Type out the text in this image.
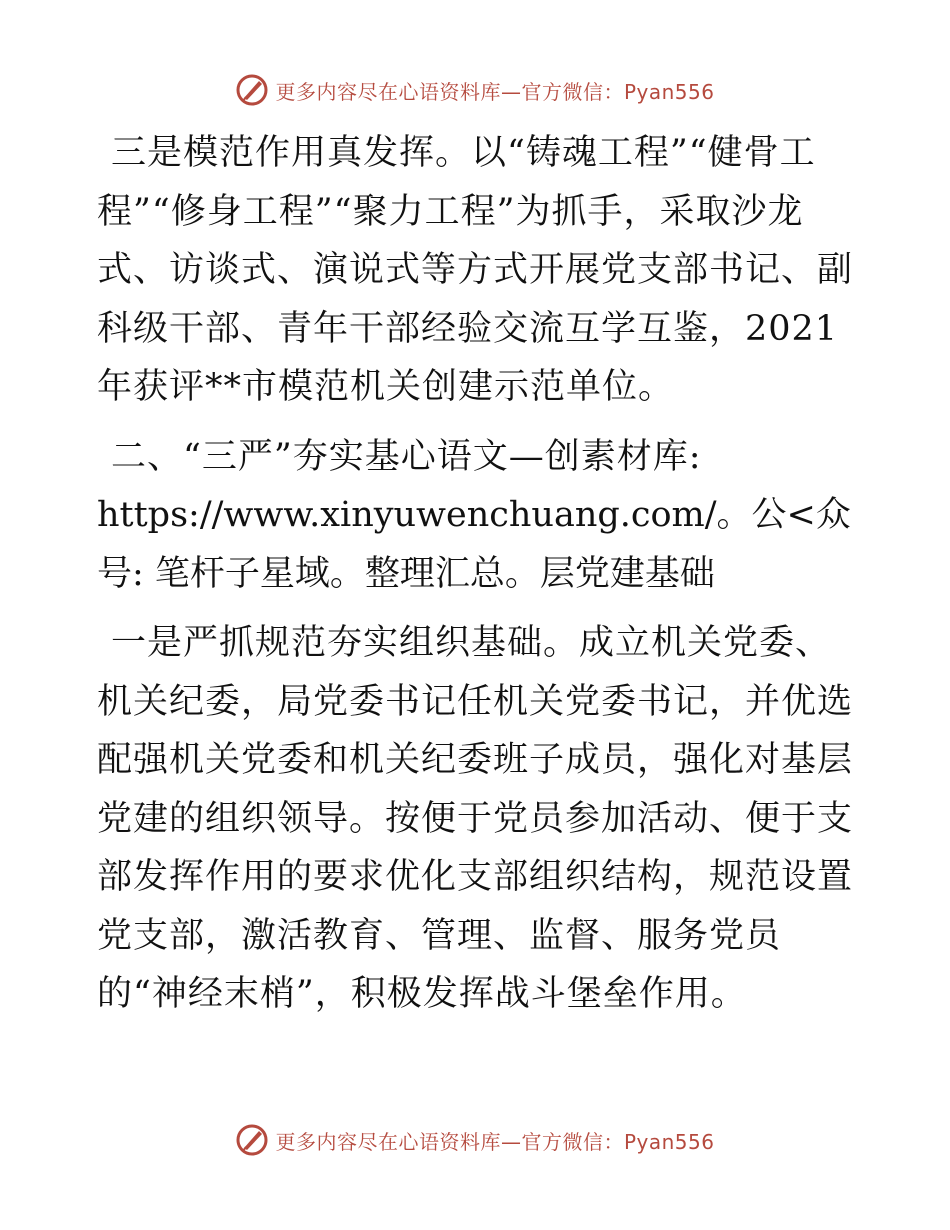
更多内容尽在心语资料库—官方微信：Pyan556

三是模范作用真发挥。以“铸魂工程”“健骨工程”“修身工程”“聚力工程”为抓手，采取沙龙式、访谈式、演说式等方式开展党支部书记、副科级干部、青年干部经验交流互学互鉴，2021年获评**市模范机关创建示范单位。

二、“三严”夯实基心语文—创素材库:

https://www.xinyuwenchuang.com/。公<众号: 笔杆子星域。整理汇总。层党建基础

一是严抓规范夯实组织基础。成立机关党委、机关纪委，局党委书记任机关党委书记，并优选配强机关党委和机关纪委班子成员，强化对基层党建的组织领导。按便于党员参加活动、便于支部发挥作用的要求优化支部组织结构，规范设置党支部，激活教育、管理、监督、服务党员的“神经末梢”，积极发挥战斗堡垒作用。

更多内容尽在心语资料库—官方微信：Pyan556
